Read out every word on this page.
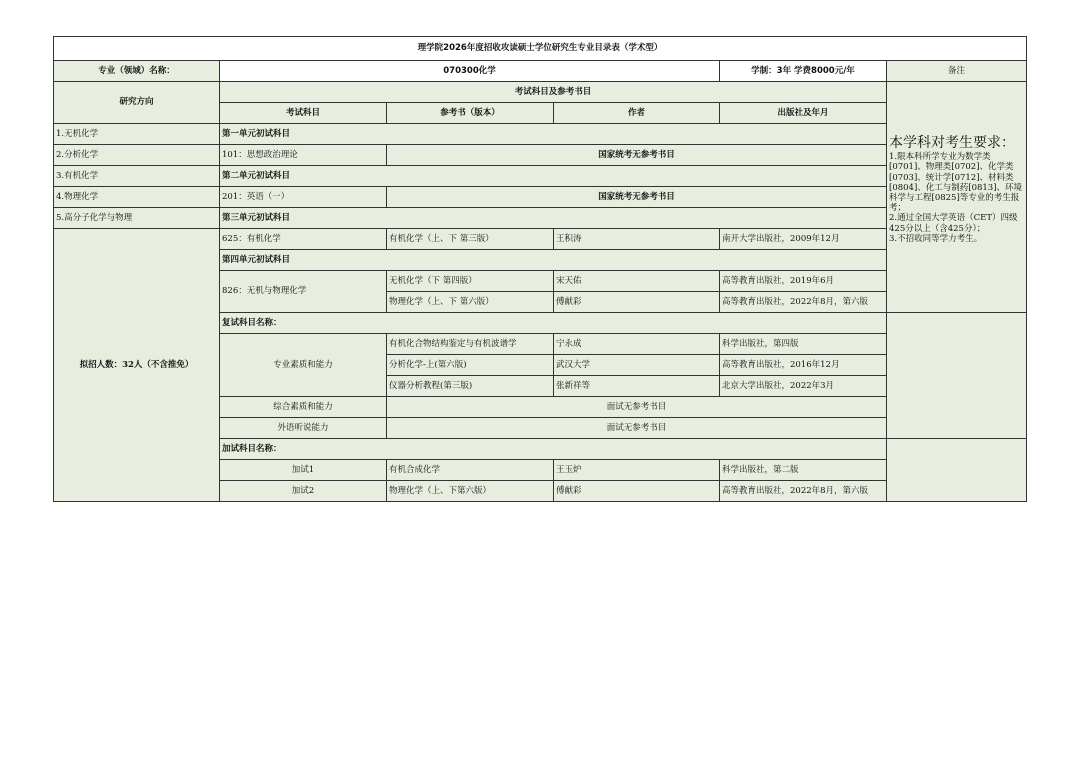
理学院2026年度招收攻读硕士学位研究生专业目录表（学术型）					
专业（领域）名称：	070300化学			学制：3年 学费8000元/年	备注
研究方向	考试科目及参考书目				本学科对考生要求：
1.限本科所学专业为数学类[0701]、物理类[0702]、化学类[0703]、统计学[0712]、材料类[0804]、化工与制药[0813]、环境科学与工程[0825]等专业的考生报考；
2.通过全国大学英语（CET）四级425分以上（含425分）；
3.不招收同等学力考生。

	考试科目	参考书（版本）	作者	出版社及年月	
1.无机化学	第一单元初试科目				
2.分析化学	101：思想政治理论	国家统考无参考书目			
3.有机化学	第二单元初试科目				
4.物理化学	201：英语（一）	国家统考无参考书目			
5.高分子化学与物理	第三单元初试科目				
拟招人数：32人（不含推免）	625：有机化学	有机化学（上、下 第三版）	王积涛	南开大学出版社，2009年12月	
	第四单元初试科目				
	826：无机与物理化学	无机化学（下 第四版）	宋天佑	高等教育出版社，2019年6月	
		物理化学（上、下 第六版）	傅献彩	高等教育出版社，2022年8月，第六版	
	复试科目名称：				
	专业素质和能力	有机化合物结构鉴定与有机波谱学	宁永成	科学出版社，第四版	
		分析化学-上(第六版)	武汉大学	高等教育出版社，2016年12月	
		仪器分析教程(第三版)	张新祥等	北京大学出版社，2022年3月	
	综合素质和能力	面试无参考书目			
	外语听说能力	面试无参考书目			
	加试科目名称：				
	加试1	有机合成化学	王玉炉	科学出版社，第二版	
	加试2	物理化学（上、下第六版）	傅献彩	高等教育出版社，2022年8月，第六版	
